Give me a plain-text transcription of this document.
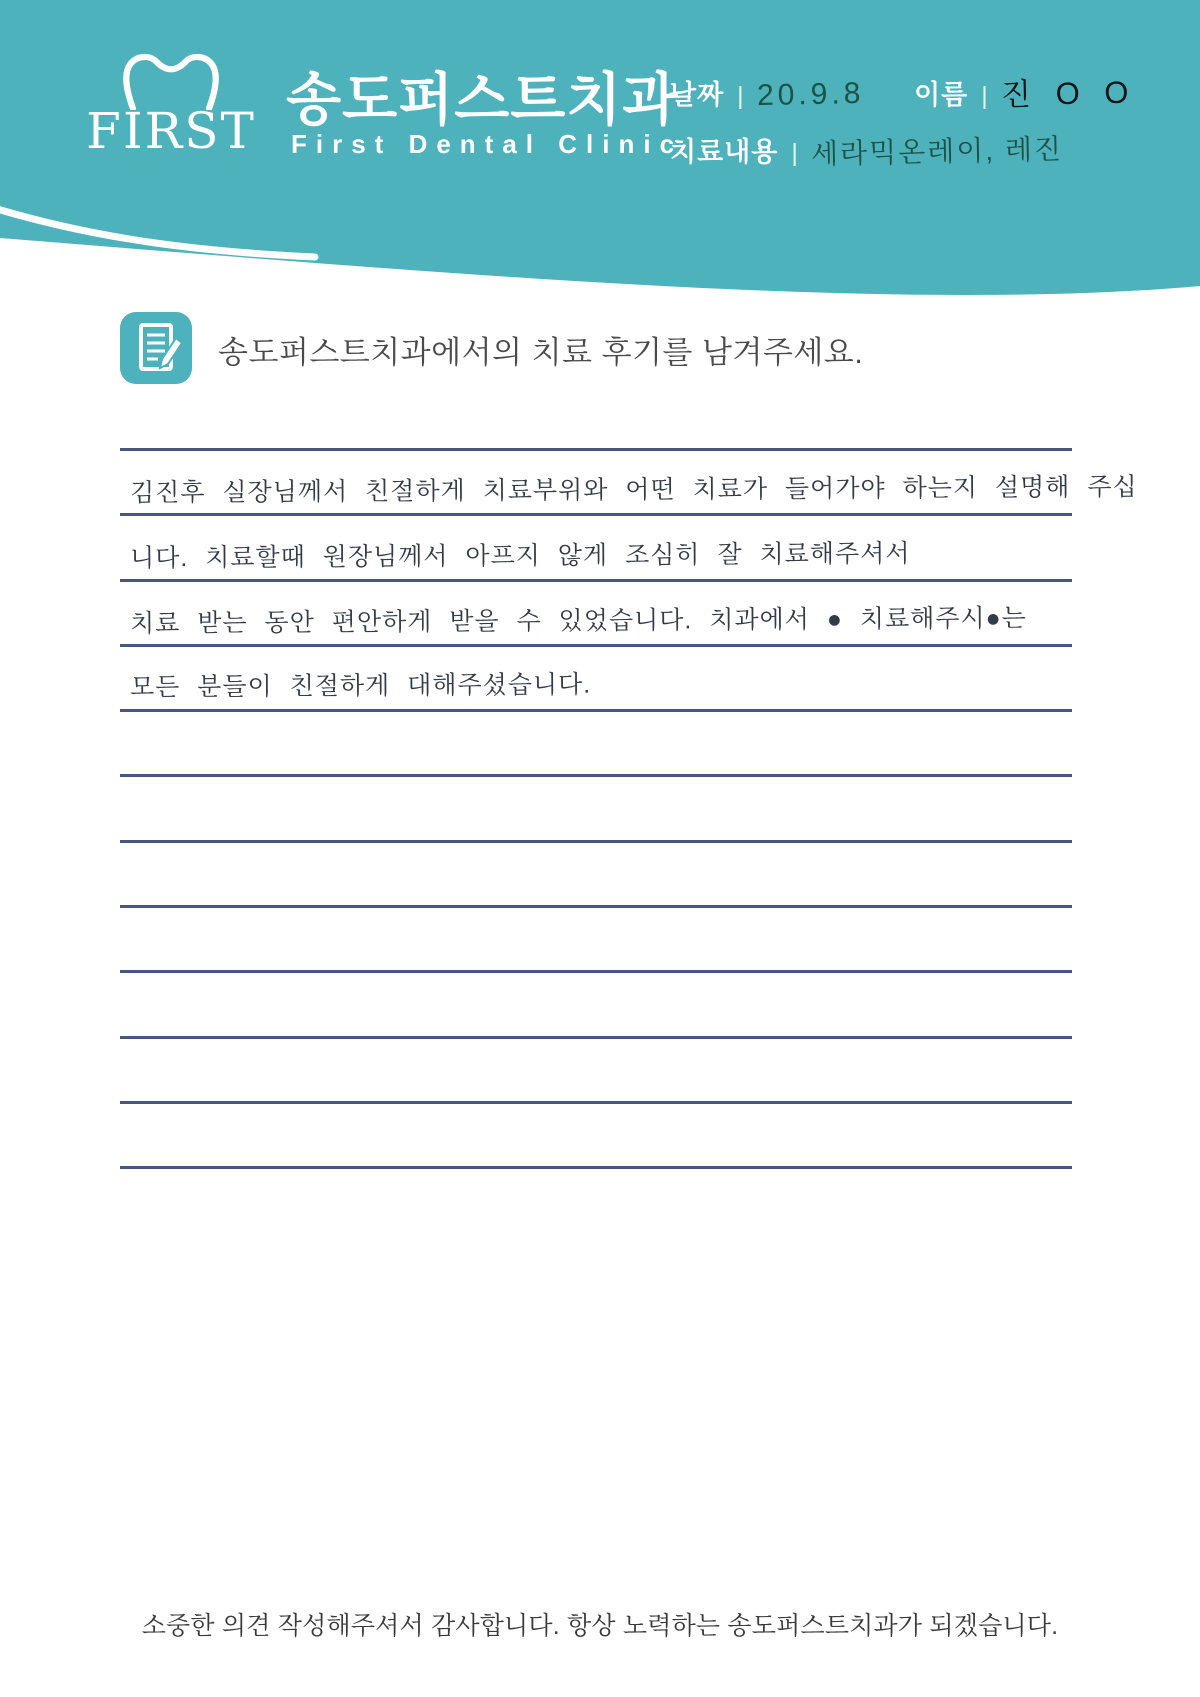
FIRST 송도퍼스트치과
First Dental Clinic
날짜 | 20.9.8 이름 | 진 O O
치료내용 | 세라믹온레이, 레진
송도퍼스트치과에서의 치료 후기를 남겨주세요.
김진후 실장님께서 친절하게 치료부위와 어떤 치료가 들어가야 하는지 설명해 주십
니다. 치료할때 원장님께서 아프지 않게 조심히 잘 치료해주셔서
치료 받는 동안 편안하게 받을 수 있었습니다. 치과에서 ● 치료해주시●는
모든 분들이 친절하게 대해주셨습니다.
소중한 의견 작성해주셔서 감사합니다. 항상 노력하는 송도퍼스트치과가 되겠습니다.
